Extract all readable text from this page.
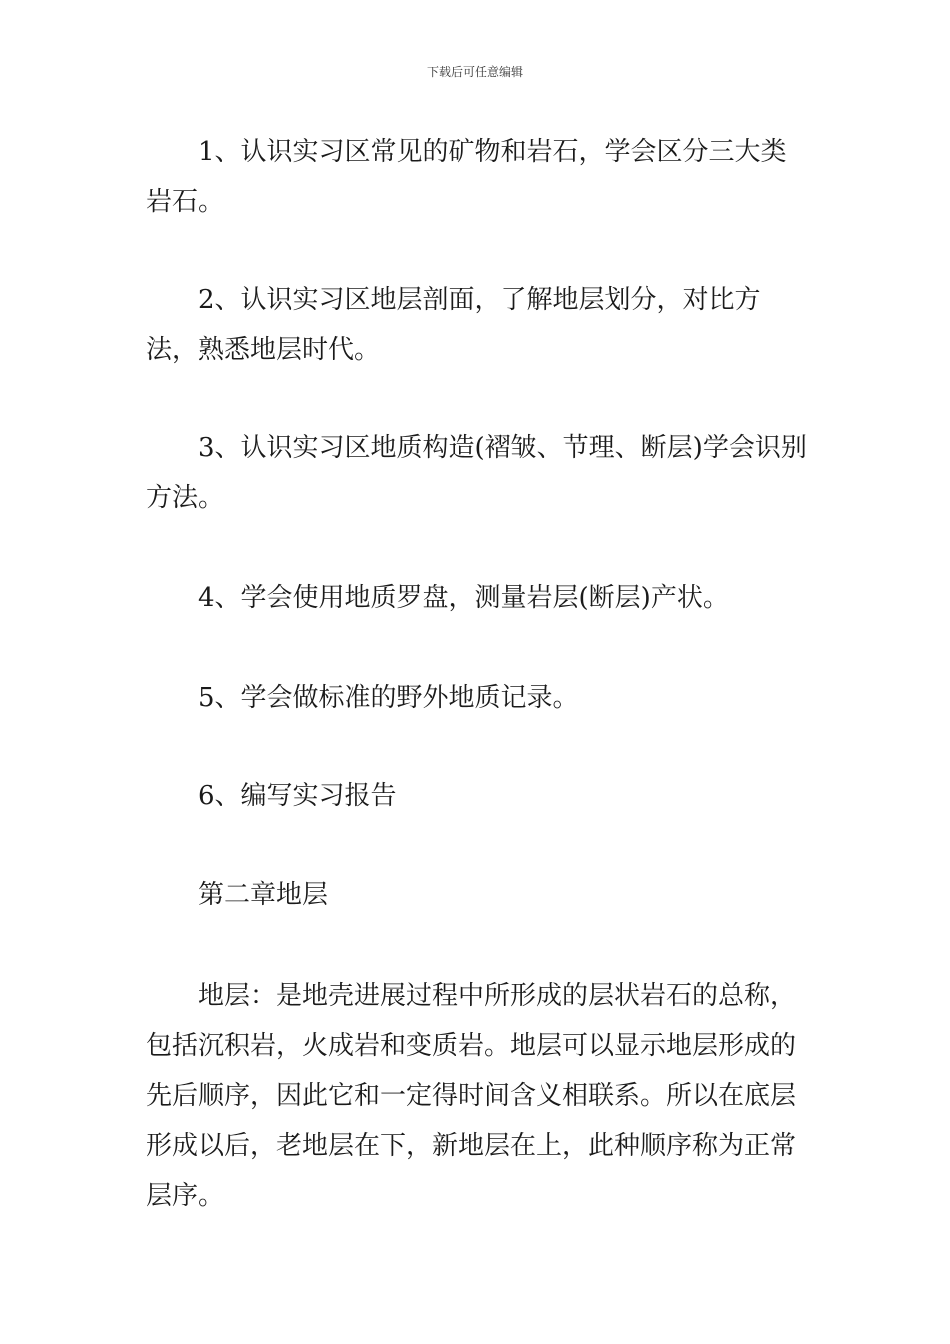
下载后可任意编辑

1、认识实习区常见的矿物和岩石，学会区分三大类岩石。

2、认识实习区地层剖面，了解地层划分，对比方法，熟悉地层时代。

3、认识实习区地质构造(褶皱、节理、断层)学会识别方法。

4、学会使用地质罗盘，测量岩层(断层)产状。

5、学会做标准的野外地质记录。

6、编写实习报告

第二章地层

地层：是地壳进展过程中所形成的层状岩石的总称，包括沉积岩，火成岩和变质岩。地层可以显示地层形成的先后顺序，因此它和一定得时间含义相联系。所以在底层形成以后，老地层在下，新地层在上，此种顺序称为正常层序。
